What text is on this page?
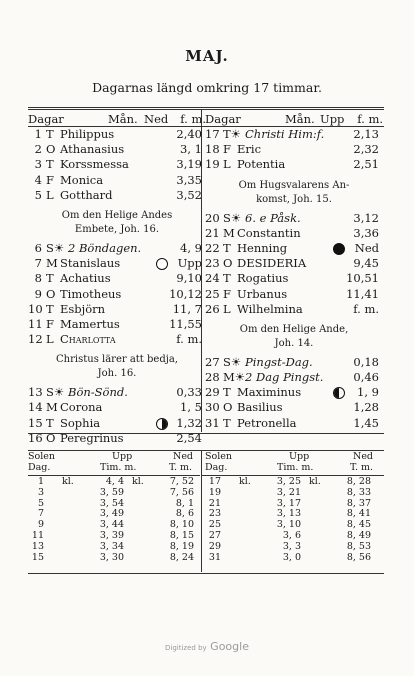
MAJ.
Dagarnas längd omkring 17 timmar.
Dagar	Mån. Ned f. m. Dagar	Mån. Upp f. m.
1 T Philippus	2,40
2 O Athanasius	3, 1
3 T Korssmessa	3,19
4 F Monica	3,35
5 L Gotthard	3,52
Om den Helige Andes
Embete, Joh. 16.
6 S☀ 2 Böndagen.	4, 9
7 M Stanislaus	Upp
8 T Achatius	9,10
9 O Timotheus	10,12
10 T Esbjörn	11, 7
11 F Mamertus	11,55
12 L Charlotta	f. m.
Christus lärer att bedja,
Joh. 16.
13 S☀ Bön-Sönd.	0,33
14 M Corona	1, 5
15 T Sophia	1,32
16 O Peregrinus	2,54
17 T☀ Christi Him:f.	2,13
18 F Eric	2,32
19 L Potentia	2,51
Om Hugsvalarens An-
komst, Joh. 15.
20 S☀ 6. e Påsk.	3,12
21 M Constantin	3,36
22 T Henning	Ned
23 O DESIDERIA	9,45
24 T Rogatius	10,51
25 F Urbanus	11,41
26 L Wilhelmina	f. m.
Om den Helige Ande,
Joh. 14.
27 S☀ Pingst-Dag.	0,18
28 M☀ 2 Dag Pingst.	0,46
29 T Maximinus	1, 9
30 O Basilius	1,28
31 T Petronella	1,45
Solen	Upp	Ned
Dag.	Tim. m.	T. m.
1 kl.	4, 4 kl.	7, 52
3	3, 59	7, 56
5	3, 54	8, 1
7	3, 49	8, 6
9	3, 44	8, 10
11	3, 39	8, 15
13	3, 34	8, 19
15	3, 30	8, 24
Solen	Upp	Ned
Dag.	Tim. m.	T. m.
17 kl.	3, 25 kl.	8, 28
19	3, 21	8, 33
21	3, 17	8, 37
23	3, 13	8, 41
25	3, 10	8, 45
27	3, 6	8, 49
29	3, 3	8, 53
31	3, 0	8, 56
Digitized by Google
